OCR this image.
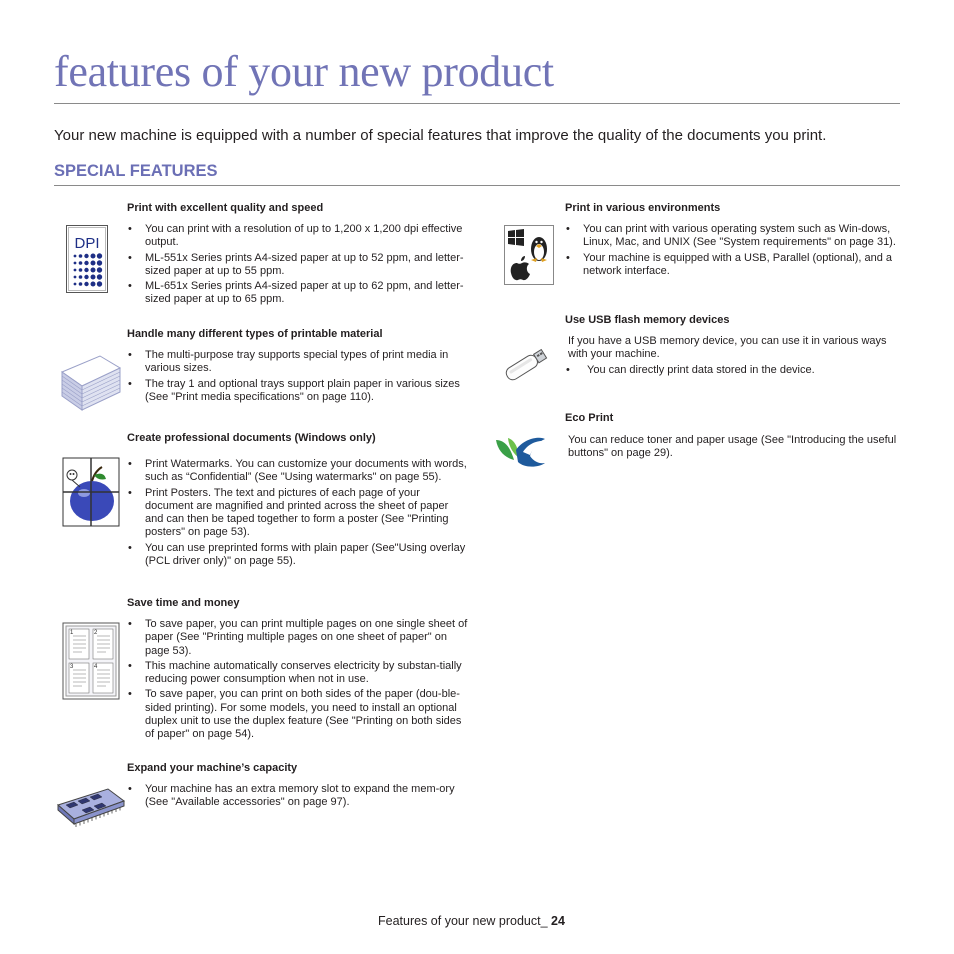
features of your new product

Your new machine is equipped with a number of special features that improve the quality of the documents you print.

SPECIAL FEATURES
DPI
Print with excellent quality and speed
• You can print with a resolution of up to 1,200 x 1,200 dpi effective output.
• ML-551x Series prints A4-sized paper at up to 52 ppm, and letter-sized paper at up to 55 ppm.
• ML-651x Series prints A4-sized paper at up to 62 ppm, and letter-sized paper at up to 65 ppm.
Handle many different types of printable material
• The multi-purpose tray supports special types of print media in various sizes.
• The tray 1 and optional trays support plain paper in various sizes (See "Print media specifications" on page 110).
Create professional documents (Windows only)
• Print Watermarks. You can customize your documents with words, such as “Confidential” (See "Using watermarks" on page 55).
• Print Posters. The text and pictures of each page of your document are magnified and printed across the sheet of paper and can then be taped together to form a poster (See "Printing posters" on page 53).
• You can use preprinted forms with plain paper (See"Using overlay (PCL driver only)" on page 55).
1	2
3	4
Save time and money
• To save paper, you can print multiple pages on one single sheet of paper (See "Printing multiple pages on one sheet of paper" on page 53).
• This machine automatically conserves electricity by substan-tially reducing power consumption when not in use.
• To save paper, you can print on both sides of the paper (dou-ble-sided printing). For some models, you need to install an optional duplex unit to use the duplex feature (See "Printing on both sides of paper" on page 54).
Expand your machine’s capacity
• Your machine has an extra memory slot to expand the mem-ory (See "Available accessories" on page 97).
Print in various environments
• You can print with various operating system such as Win-dows, Linux, Mac, and UNIX (See "System requirements" on page 31).
• Your machine is equipped with a USB, Parallel (optional), and a network interface.
Use USB flash memory devices

If you have a USB memory device, you can use it in various ways with your machine.

• You can directly print data stored in the device.
Eco Print

You can reduce toner and paper usage (See "Introducing the useful buttons" on page 29).

Features of your new product_ 24
